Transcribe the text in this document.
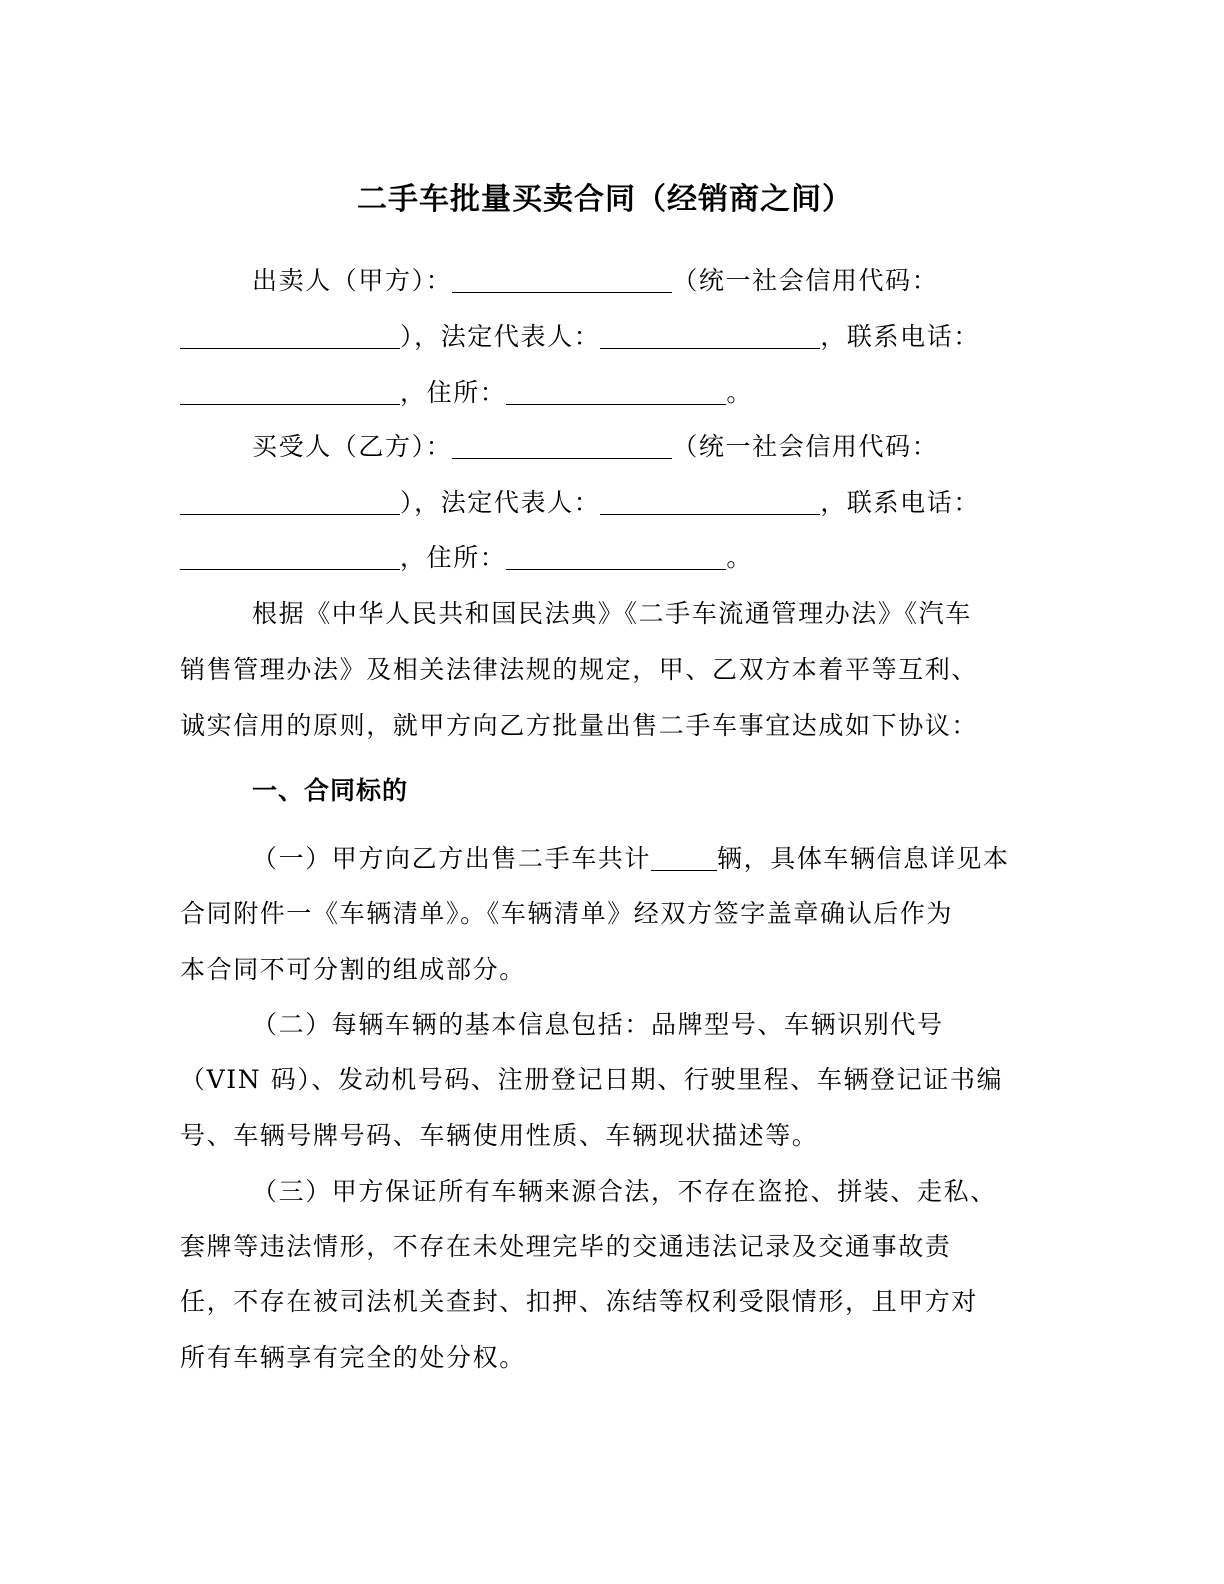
二手车批量买卖合同（经销商之间）
出卖人（甲方）：	（统一社会信用代码：
），法定代表人：	，联系电话：
，住所：	。
买受人（乙方）：	（统一社会信用代码：
），法定代表人：	，联系电话：
，住所：	。
根据《中华人民共和国民法典》《二手车流通管理办法》《汽车
销售管理办法》及相关法律法规的规定，甲、乙双方本着平等互利、
诚实信用的原则，就甲方向乙方批量出售二手车事宜达成如下协议：
一、合同标的
（一）甲方向乙方出售二手车共计	辆，具体车辆信息详见本
合同附件一《车辆清单》。《车辆清单》经双方签字盖章确认后作为
本合同不可分割的组成部分。
（二）每辆车辆的基本信息包括：品牌型号、车辆识别代号
（VIN 码）、发动机号码、注册登记日期、行驶里程、车辆登记证书编
号、车辆号牌号码、车辆使用性质、车辆现状描述等。
（三）甲方保证所有车辆来源合法，不存在盗抢、拼装、走私、
套牌等违法情形，不存在未处理完毕的交通违法记录及交通事故责
任，不存在被司法机关查封、扣押、冻结等权利受限情形，且甲方对
所有车辆享有完全的处分权。
